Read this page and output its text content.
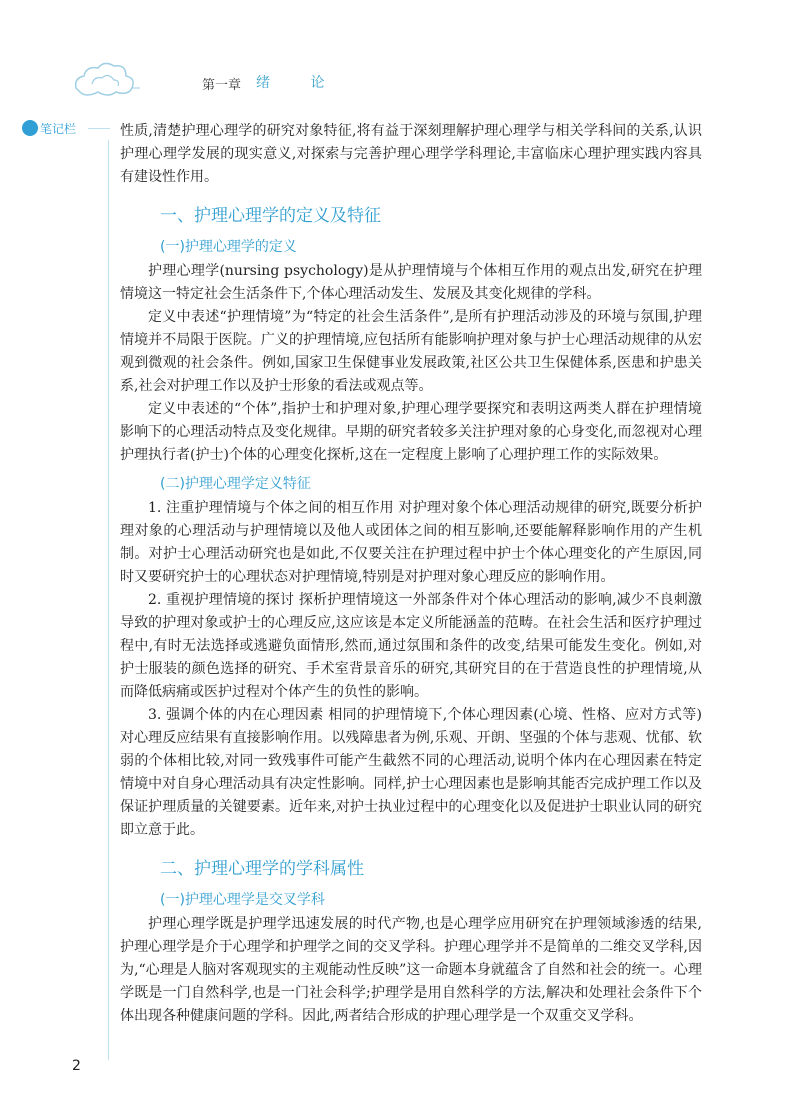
第一章 绪 论
笔记栏	性质,清楚护理心理学的研究对象特征,将有益于深刻理解护理心理学与相关学科间的关系,认识护理心理学发展的现实意义,对探索与完善护理心理学学科理论,丰富临床心理护理实践内容具有建设性作用。

一、护理心理学的定义及特征
(一)护理心理学的定义

护理心理学(nursing psychology)是从护理情境与个体相互作用的观点出发,研究在护理情境这一特定社会生活条件下,个体心理活动发生、发展及其变化规律的学科。

定义中表述“护理情境”为“特定的社会生活条件”,是所有护理活动涉及的环境与氛围,护理情境并不局限于医院。广义的护理情境,应包括所有能影响护理对象与护士心理活动规律的从宏观到微观的社会条件。例如,国家卫生保健事业发展政策,社区公共卫生保健体系,医患和护患关系,社会对护理工作以及护士形象的看法或观点等。

定义中表述的“个体”,指护士和护理对象,护理心理学要探究和表明这两类人群在护理情境影响下的心理活动特点及变化规律。早期的研究者较多关注护理对象的心身变化,而忽视对心理护理执行者(护士)个体的心理变化探析,这在一定程度上影响了心理护理工作的实际效果。

(二)护理心理学定义特征

1. 注重护理情境与个体之间的相互作用 对护理对象个体心理活动规律的研究,既要分析护理对象的心理活动与护理情境以及他人或团体之间的相互影响,还要能解释影响作用的产生机制。对护士心理活动研究也是如此,不仅要关注在护理过程中护士个体心理变化的产生原因,同时又要研究护士的心理状态对护理情境,特别是对护理对象心理反应的影响作用。

2. 重视护理情境的探讨 探析护理情境这一外部条件对个体心理活动的影响,减少不良刺激导致的护理对象或护士的心理反应,这应该是本定义所能涵盖的范畴。在社会生活和医疗护理过程中,有时无法选择或逃避负面情形,然而,通过氛围和条件的改变,结果可能发生变化。例如,对护士服装的颜色选择的研究、手术室背景音乐的研究,其研究目的在于营造良性的护理情境,从而降低病痛或医护过程对个体产生的负性的影响。

3. 强调个体的内在心理因素 相同的护理情境下,个体心理因素(心境、性格、应对方式等)对心理反应结果有直接影响作用。以残障患者为例,乐观、开朗、坚强的个体与悲观、忧郁、软弱的个体相比较,对同一致残事件可能产生截然不同的心理活动,说明个体内在心理因素在特定情境中对自身心理活动具有决定性影响。同样,护士心理因素也是影响其能否完成护理工作以及保证护理质量的关键要素。近年来,对护士执业过程中的心理变化以及促进护士职业认同的研究即立意于此。

二、护理心理学的学科属性
(一)护理心理学是交叉学科

护理心理学既是护理学迅速发展的时代产物,也是心理学应用研究在护理领域渗透的结果,护理心理学是介于心理学和护理学之间的交叉学科。护理心理学并不是简单的二维交叉学科,因为,“心理是人脑对客观现实的主观能动性反映”这一命题本身就蕴含了自然和社会的统一。心理学既是一门自然科学,也是一门社会科学;护理学是用自然科学的方法,解决和处理社会条件下个体出现各种健康问题的学科。因此,两者结合形成的护理心理学是一个双重交叉学科。

2
